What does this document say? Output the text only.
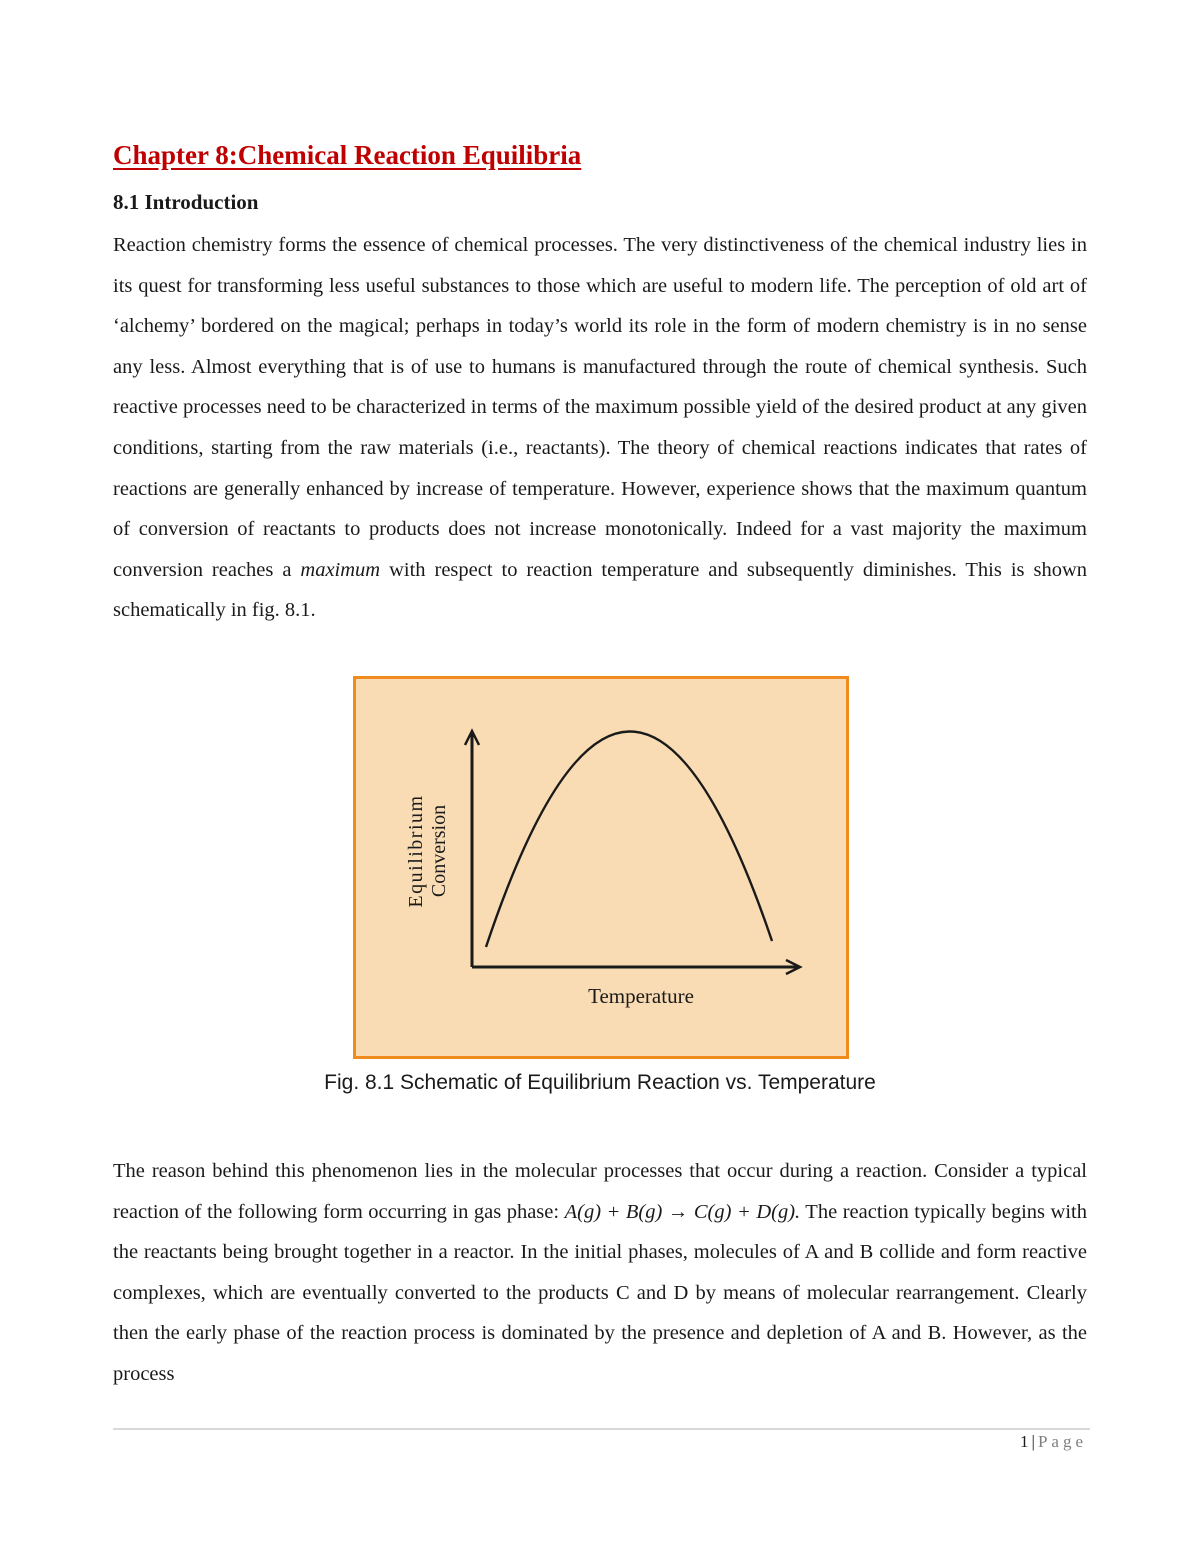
Chapter 8:Chemical Reaction Equilibria
8.1 Introduction

Reaction chemistry forms the essence of chemical processes. The very distinctiveness of the chemical industry lies in its quest for transforming less useful substances to those which are useful to modern life. The perception of old art of ‘alchemy’ bordered on the magical; perhaps in today’s world its role in the form of modern chemistry is in no sense any less. Almost everything that is of use to humans is manufactured through the route of chemical synthesis. Such reactive processes need to be characterized in terms of the maximum possible yield of the desired product at any given conditions, starting from the raw materials (i.e., reactants). The theory of chemical reactions indicates that rates of reactions are generally enhanced by increase of temperature. However, experience shows that the maximum quantum of conversion of reactants to products does not increase monotonically. Indeed for a vast majority the maximum conversion reaches a maximum with respect to reaction temperature and subsequently diminishes. This is shown schematically in fig. 8.1.

Equilibrium Conversion
Temperature
Fig. 8.1 Schematic of Equilibrium Reaction vs. Temperature

The reason behind this phenomenon lies in the molecular processes that occur during a reaction. Consider a typical reaction of the following form occurring in gas phase: A(g) + B(g) → C(g) + D(g). The reaction typically begins with the reactants being brought together in a reactor. In the initial phases, molecules of A and B collide and form reactive complexes, which are eventually converted to the products C and D by means of molecular rearrangement. Clearly then the early phase of the reaction process is dominated by the presence and depletion of A and B. However, as the process

1 | Page
